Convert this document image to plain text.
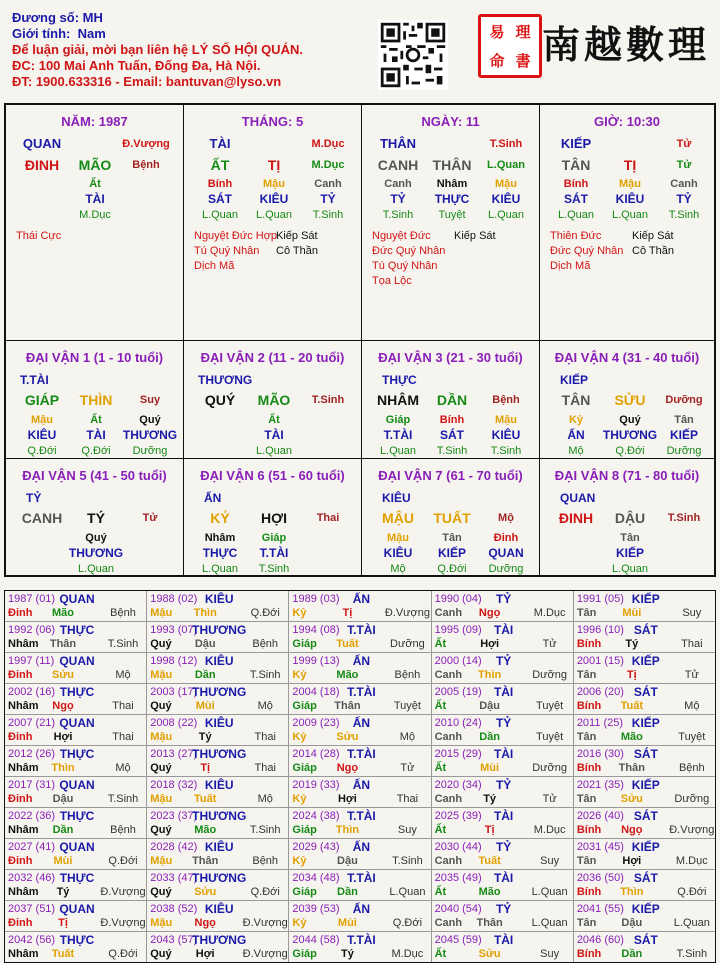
Đương số: MH
Giới tính: Nam
Để luận giải, mời bạn liên hệ LÝ SỐ HỘI QUÁN.
ĐC: 100 Mai Anh Tuấn, Đống Đa, Hà Nội.
ĐT: 1900.633316 - Email: bantuvan@lyso.vn
易 理
命 書 南越數理
NĂM: 1987
QUAN	Đ.Vượng
ĐINH MÃO Bệnh
Ất
TÀI
M.Dục
Thái Cực
THÁNG: 5
TÀI	M.Dục
ẤT	TỊ	M.Dục
Bính
SÁT
L.Quan
Mậu
KIÊU
L.Quan
Canh
TỶ
T.Sinh
Nguyệt Đức Hợp
Tú Quý Nhân
Dịch Mã
Kiếp Sát
Cô Thần
NGÀY: 11
THÂN	T.Sinh
CANH THÂN L.Quan
Canh
TỶ
T.Sinh
Nhâm
THỰC
Tuyệt
Mậu
KIÊU
L.Quan
Nguyệt Đức
Đức Quý Nhân
Tú Quý Nhân
Tọa Lộc
Kiếp Sát
GIỜ: 10:30
KIẾP	Tử
TÂN TỊ	Tử
Bính
SÁT
L.Quan
Mậu
KIÊU
L.Quan
Canh
TỶ
T.Sinh
Thiên Đức
Đức Quý Nhân
Dịch Mã
Kiếp Sát
Cô Thần
ĐẠI VẬN 1 (1 - 10 tuổi)
T.TÀI
GIÁP THÌN	Suy
Mậu
KIÊU
Q.Đới
Ất
TÀI
Q.Đới
Quý
THƯƠNG
Dưỡng
ĐẠI VẬN 2 (11 - 20 tuổi)
THƯƠNG
QUÝ MÃO T.Sinh
Ất
TÀI
L.Quan
ĐẠI VẬN 3 (21 - 30 tuổi)
THỰC
NHÂM DẦN Bệnh
Giáp
T.TÀI
L.Quan
Bính
SÁT
T.Sinh
Mậu
KIÊU
T.Sinh
ĐẠI VẬN 4 (31 - 40 tuổi)
KIẾP
TÂN SỬU Dưỡng
Kỷ
ẤN
Mộ
Quý
THƯƠNG
Q.Đới
Tân
KIẾP
Dưỡng
ĐẠI VẬN 5 (41 - 50 tuổi)
TỶ
CANH TÝ	Tử
Quý
THƯƠNG
L.Quan
ĐẠI VẬN 6 (51 - 60 tuổi)
ẤN
KỶ HỢI	Thai
Nhâm
THỰC
L.Quan
Giáp
T.TÀI
T.Sinh
ĐẠI VẬN 7 (61 - 70 tuổi)
KIÊU
MẬU TUẤT Mộ
Mậu
KIÊU
Mộ
Tân
KIẾP
Q.Đới
Đinh
QUAN
Dưỡng
ĐẠI VẬN 8 (71 - 80 tuổi)
QUAN
ĐINH DẬU T.Sinh
Tân
KIẾP
L.Quan
1987 (01) QUAN
Đinh Mão	Bệnh
1988 (02) KIÊU
Mậu Thìn	Q.Đới
1989 (03) ẤN
Kỷ	Tị	Đ.Vượng
1990 (04) TỶ
Canh Ngọ	M.Dục
1991 (05) KIẾP
Tân Mùi	Suy
1992 (06) THỰC
Nhâm Thân	T.Sinh
1993 (07)
THƯƠNG
Quý Dậu	Bệnh
1994 (08) T.TÀI
Giáp Tuất	Dưỡng
1995 (09) TÀI
Ất	Hợi	Tử
1996 (10) SÁT
Bính Tý	Thai
1997 (11) QUAN
Đinh Sửu	Mộ
1998 (12) KIÊU
Mậu Dần	T.Sinh
1999 (13) ẤN
Kỷ	Mão	Bệnh
2000 (14) TỶ
Canh Thìn	Dưỡng
2001 (15) KIẾP
Tân	Tị	Tử
2002 (16) THỰC
Nhâm Ngọ	Thai
2003 (17)
THƯƠNG
Quý Mùi	Mộ
2004 (18) T.TÀI
Giáp Thân	Tuyệt
2005 (19) TÀI
Ất	Dậu	Tuyệt
2006 (20) SÁT
Bính Tuất	Mộ
2007 (21) QUAN
Đinh Hợi	Thai
2008 (22) KIÊU
Mậu Tý	Thai
2009 (23) ẤN
Kỷ	Sửu	Mộ
2010 (24) TỶ
Canh Dần	Tuyệt
2011 (25) KIẾP
Tân Mão	Tuyệt
2012 (26) THỰC
Nhâm Thìn	Mộ
2013 (27)
THƯƠNG
Quý	Tị	Thai
2014 (28) T.TÀI
Giáp Ngọ	Tử
2015 (29) TÀI
Ất	Mùi	Dưỡng
2016 (30) SÁT
Bính Thân	Bệnh
2017 (31) QUAN
Đinh Dậu	T.Sinh
2018 (32) KIÊU
Mậu Tuất	Mộ
2019 (33) ẤN
Kỷ	Hợi	Thai
2020 (34) TỶ
Canh Tý	Tử
2021 (35) KIẾP
Tân Sửu	Dưỡng
2022 (36) THỰC
Nhâm Dần	Bệnh
2023 (37)
THƯƠNG
Quý Mão	T.Sinh
2024 (38) T.TÀI
Giáp Thìn	Suy
2025 (39) TÀI
Ất	Tị	M.Dục
2026 (40) SÁT
Bính Ngọ Đ.Vượng
2027 (41) QUAN
Đinh Mùi	Q.Đới
2028 (42) KIÊU
Mậu Thân	Bệnh
2029 (43) ẤN
Kỷ	Dậu	T.Sinh
2030 (44) TỶ
Canh Tuất	Suy
2031 (45) KIẾP
Tân Hợi	M.Dục
2032 (46) THỰC
Nhâm Tý	Đ.Vượng
2033 (47)
THƯƠNG
Quý Sửu	Q.Đới
2034 (48) T.TÀI
Giáp Dần	L.Quan
2035 (49) TÀI
Ất	Mão	L.Quan
2036 (50) SÁT
Bính Thìn	Q.Đới
2037 (51) QUAN
Đinh Tị	Đ.Vượng
2038 (52) KIÊU
Mậu Ngọ Đ.Vượng
2039 (53) ẤN
Kỷ	Mùi	Q.Đới
2040 (54) TỶ
Canh Thân	L.Quan
2041 (55) KIẾP
Tân Dậu	L.Quan
2042 (56) THỰC
Nhâm Tuất	Q.Đới
2043 (57)
THƯƠNG
Quý Hợi	Đ.Vượng
2044 (58) T.TÀI
Giáp Tý	M.Dục
2045 (59) TÀI
Ất	Sửu	Suy
2046 (60) SÁT
Bính Dần	T.Sinh
